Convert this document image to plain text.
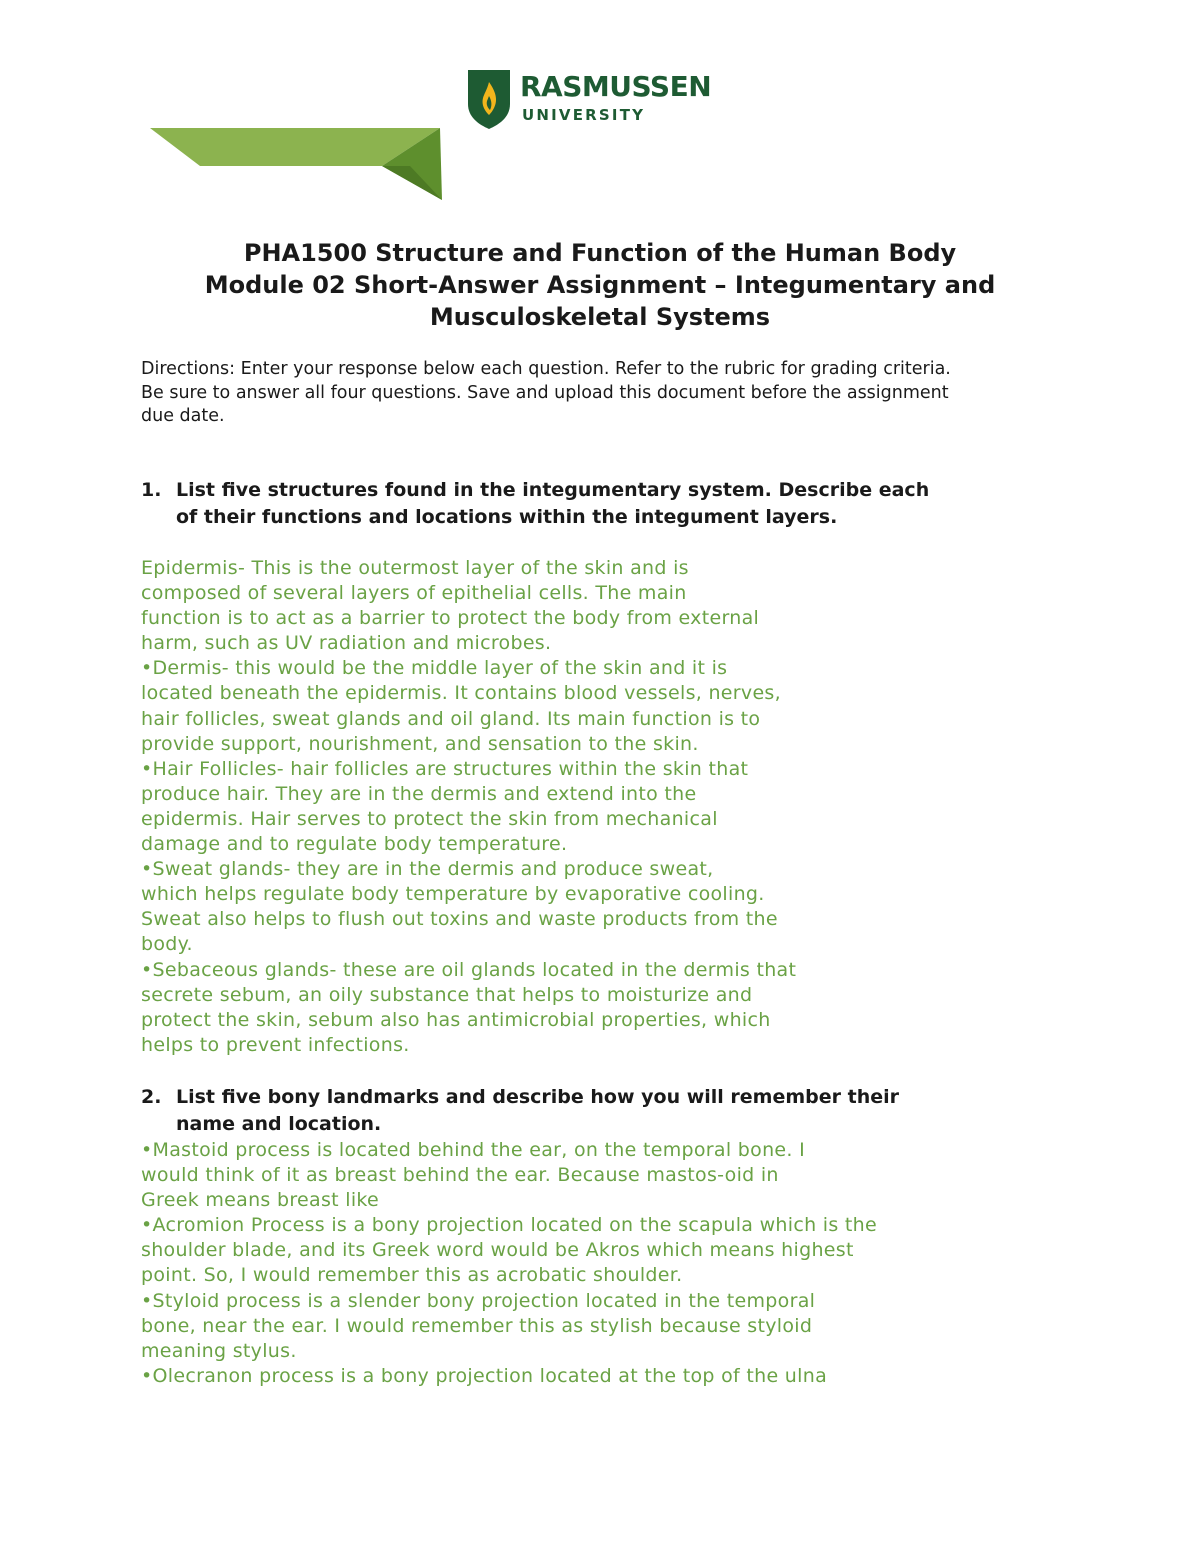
RASMUSSEN
UNIVERSITY
PHA1500 Structure and Function of the Human Body
Module 02 Short-Answer Assignment – Integumentary and
Musculoskeletal Systems
Directions: Enter your response below each question. Refer to the rubric for grading criteria.
Be sure to answer all four questions. Save and upload this document before the assignment
due date.
1. List five structures found in the integumentary system. Describe each
of their functions and locations within the integument layers.
Epidermis- This is the outermost layer of the skin and is
composed of several layers of epithelial cells. The main
function is to act as a barrier to protect the body from external
harm, such as UV radiation and microbes.
•Dermis- this would be the middle layer of the skin and it is
located beneath the epidermis. It contains blood vessels, nerves,
hair follicles, sweat glands and oil gland. Its main function is to
provide support, nourishment, and sensation to the skin.
•Hair Follicles- hair follicles are structures within the skin that
produce hair. They are in the dermis and extend into the
epidermis. Hair serves to protect the skin from mechanical
damage and to regulate body temperature.
•Sweat glands- they are in the dermis and produce sweat,
which helps regulate body temperature by evaporative cooling.
Sweat also helps to flush out toxins and waste products from the
body.
•Sebaceous glands- these are oil glands located in the dermis that
secrete sebum, an oily substance that helps to moisturize and
protect the skin, sebum also has antimicrobial properties, which
helps to prevent infections.
2. List five bony landmarks and describe how you will remember their
name and location.
•Mastoid process is located behind the ear, on the temporal bone. I
would think of it as breast behind the ear. Because mastos-oid in
Greek means breast like
•Acromion Process is a bony projection located on the scapula which is the
shoulder blade, and its Greek word would be Akros which means highest
point. So, I would remember this as acrobatic shoulder.
•Styloid process is a slender bony projection located in the temporal
bone, near the ear. I would remember this as stylish because styloid
meaning stylus.
•Olecranon process is a bony projection located at the top of the ulna
